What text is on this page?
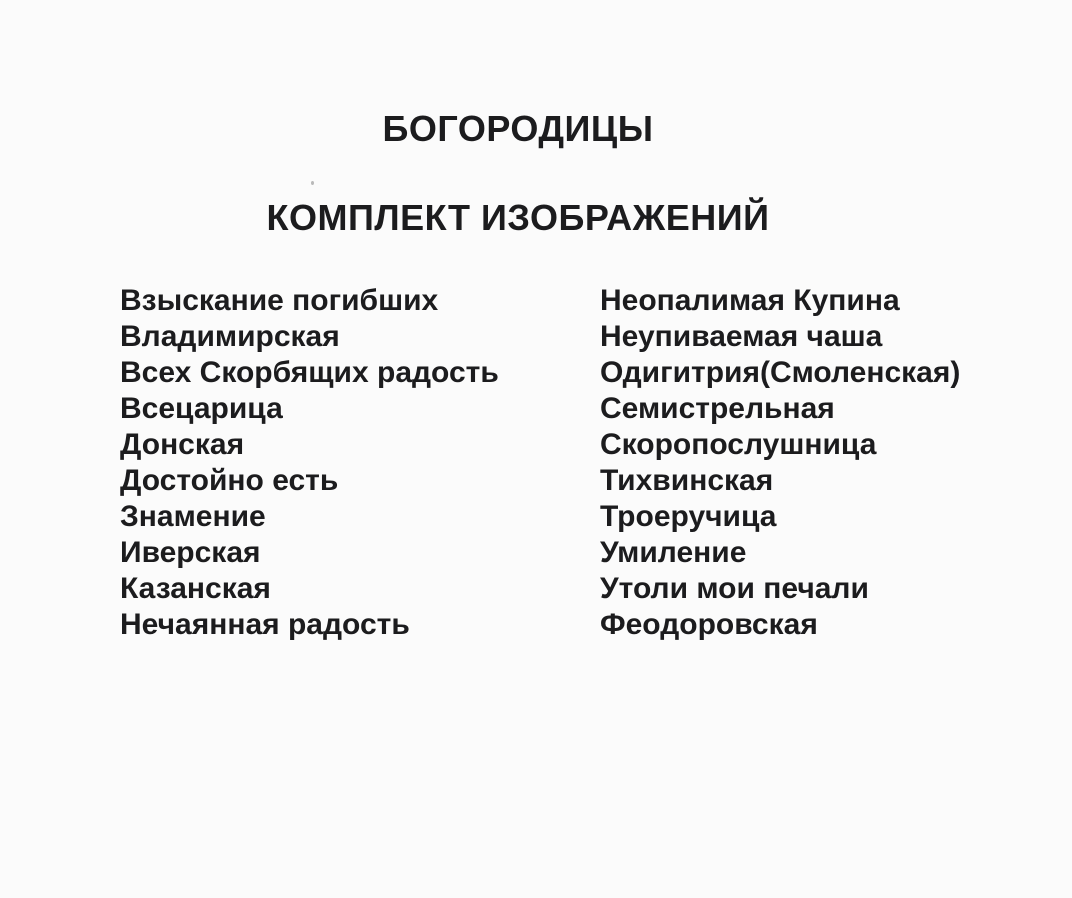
БОГОРОДИЦЫ
КОМПЛЕКТ ИЗОБРАЖЕНИЙ
Взыскание погибших
Владимирская
Всех Скорбящих радость
Всецарица
Донская
Достойно есть
Знамение
Иверская
Казанская
Нечаянная радость
Неопалимая Купина
Неупиваемая чаша
Одигитрия(Смоленская)
Семистрельная
Скоропослушница
Тихвинская
Троеручица
Умиление
Утоли мои печали
Феодоровская
